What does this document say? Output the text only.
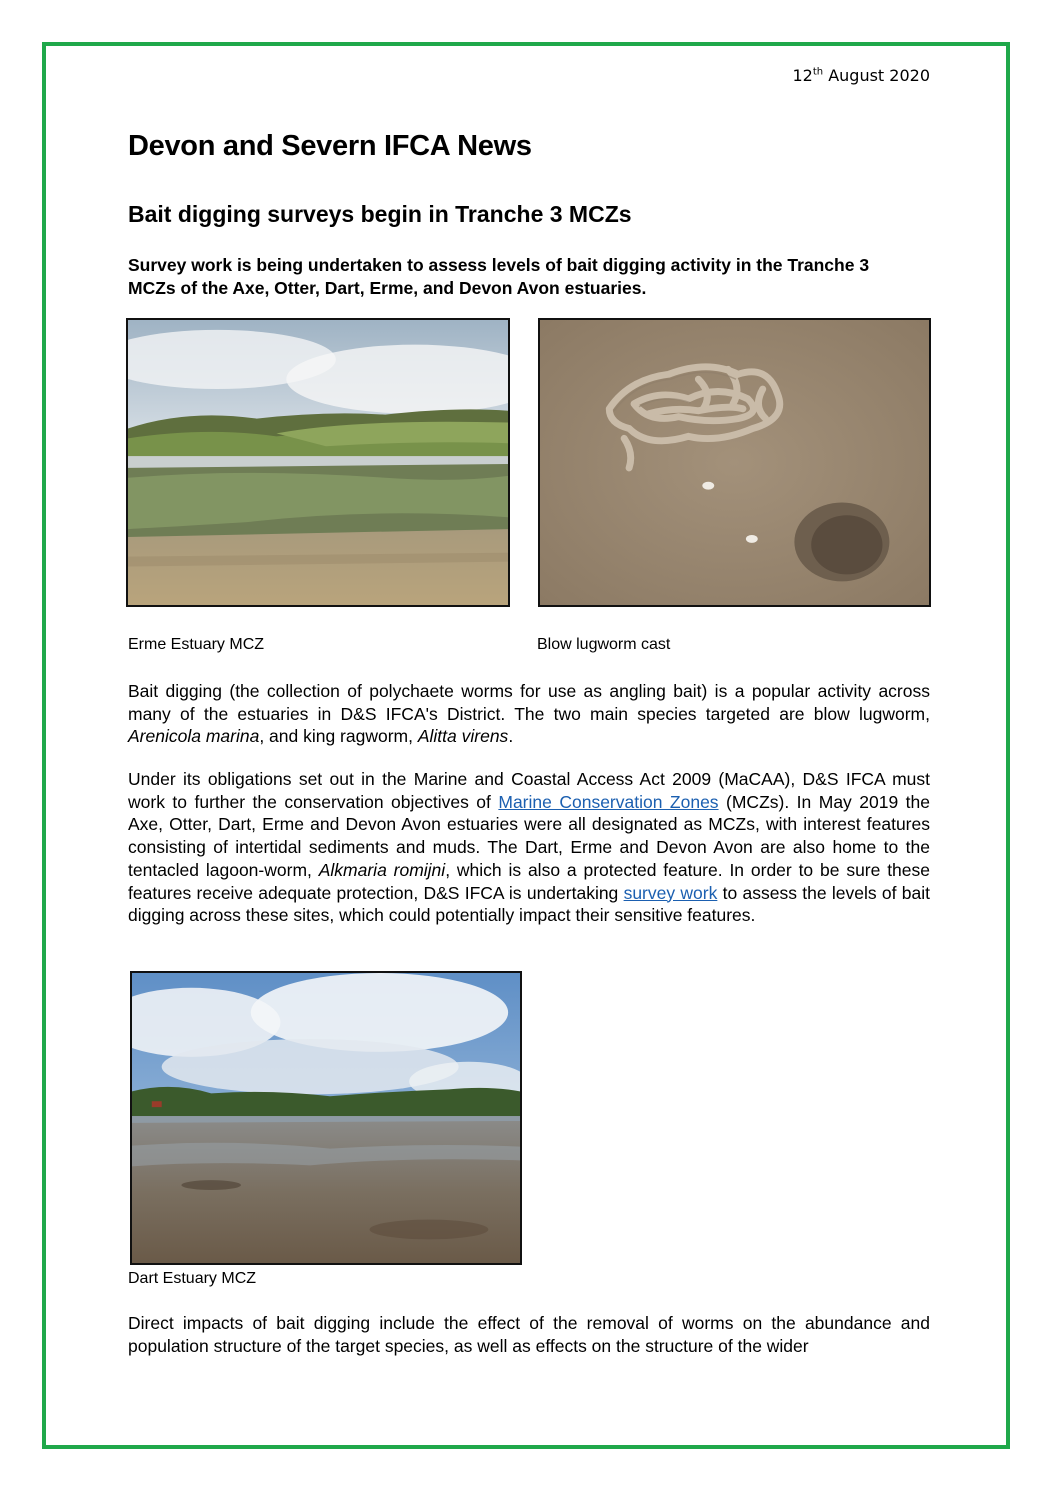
12th August 2020
Devon and Severn IFCA News
Bait digging surveys begin in Tranche 3 MCZs

Survey work is being undertaken to assess levels of bait digging activity in the Tranche 3 MCZs of the Axe, Otter, Dart, Erme, and Devon Avon estuaries.

Erme Estuary MCZ	Blow lugworm cast

Bait digging (the collection of polychaete worms for use as angling bait) is a popular activity across many of the estuaries in D&S IFCA's District. The two main species targeted are blow lugworm, Arenicola marina, and king ragworm, Alitta virens.

Under its obligations set out in the Marine and Coastal Access Act 2009 (MaCAA), D&S IFCA must work to further the conservation objectives of Marine Conservation Zones (MCZs). In May 2019 the Axe, Otter, Dart, Erme and Devon Avon estuaries were all designated as MCZs, with interest features consisting of intertidal sediments and muds. The Dart, Erme and Devon Avon are also home to the tentacled lagoon-worm, Alkmaria romijni, which is also a protected feature. In order to be sure these features receive adequate protection, D&S IFCA is undertaking survey work to assess the levels of bait digging across these sites, which could potentially impact their sensitive features.

Dart Estuary MCZ

Direct impacts of bait digging include the effect of the removal of worms on the abundance and population structure of the target species, as well as effects on the structure of the wider
